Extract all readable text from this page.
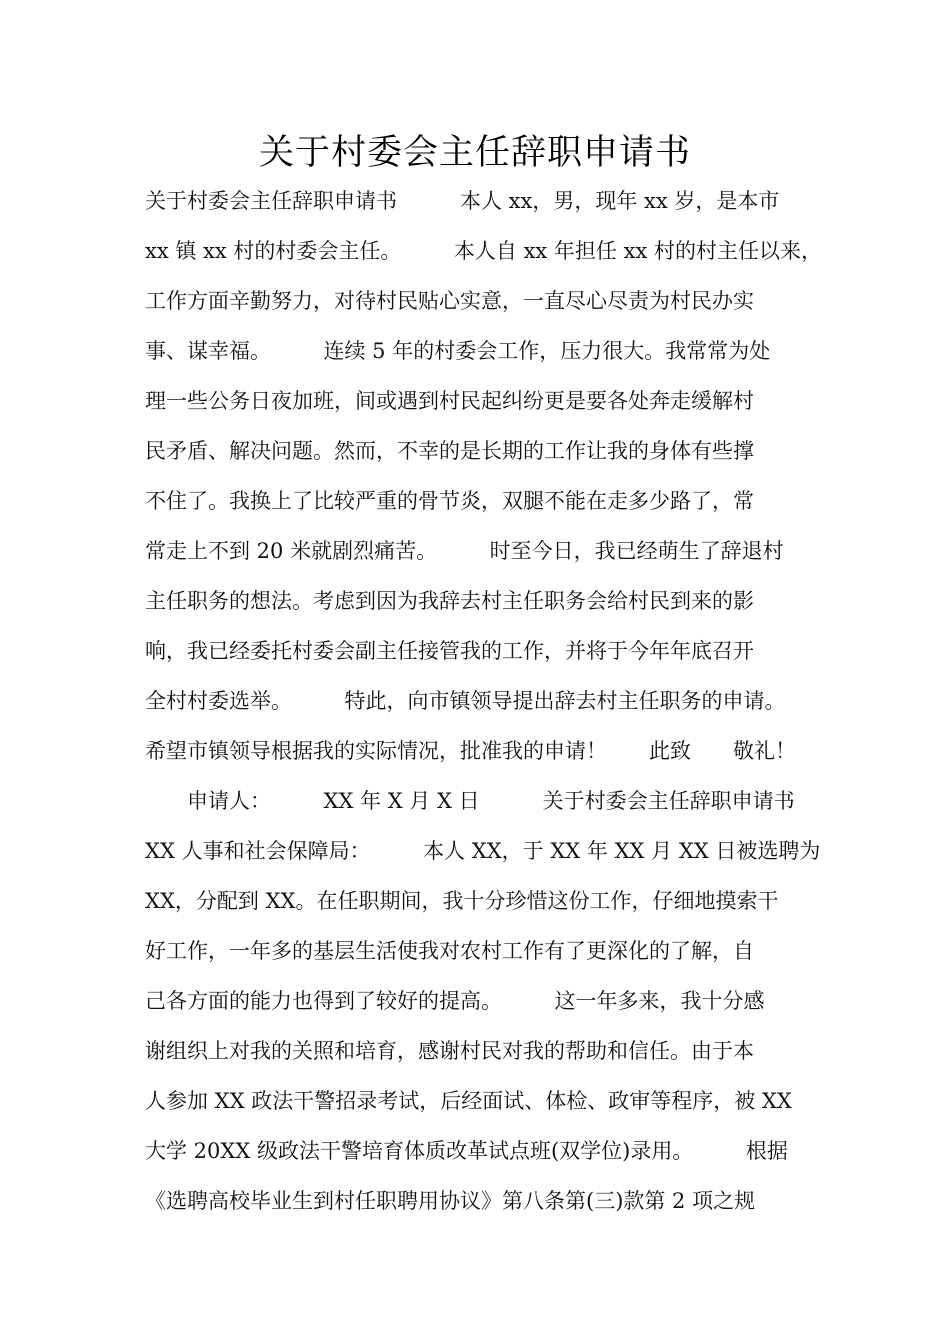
关于村委会主任辞职申请书
关于村委会主任辞职申请书　　　本人 xx，男，现年 xx 岁，是本市
xx 镇 xx 村的村委会主任。　　　本人自 xx 年担任 xx 村的村主任以来，
工作方面辛勤努力，对待村民贴心实意，一直尽心尽责为村民办实
事、谋幸福。　　　连续 5 年的村委会工作，压力很大。我常常为处
理一些公务日夜加班，间或遇到村民起纠纷更是要各处奔走缓解村
民矛盾、解决问题。然而，不幸的是长期的工作让我的身体有些撑
不住了。我换上了比较严重的骨节炎，双腿不能在走多少路了，常
常走上不到 20 米就剧烈痛苦。　　　时至今日，我已经萌生了辞退村
主任职务的想法。考虑到因为我辞去村主任职务会给村民到来的影
响，我已经委托村委会副主任接管我的工作，并将于今年年底召开
全村村委选举。　　　特此，向市镇领导提出辞去村主任职务的申请。
希望市镇领导根据我的实际情况，批准我的申请！　　此致　　敬礼！
　　申请人：　　　XX 年 X 月 X 日　　　关于村委会主任辞职申请书
XX 人事和社会保障局：　　　本人 XX，于 XX 年 XX 月 XX 日被选聘为
XX，分配到 XX。在任职期间，我十分珍惜这份工作，仔细地摸索干
好工作，一年多的基层生活使我对农村工作有了更深化的了解，自
己各方面的能力也得到了较好的提高。　　　这一年多来，我十分感
谢组织上对我的关照和培育，感谢村民对我的帮助和信任。由于本
人参加 XX 政法干警招录考试，后经面试、体检、政审等程序，被 XX
大学 20XX 级政法干警培育体质改革试点班(双学位)录用。　　　根据
《选聘高校毕业生到村任职聘用协议》第八条第(三)款第 2 项之规
